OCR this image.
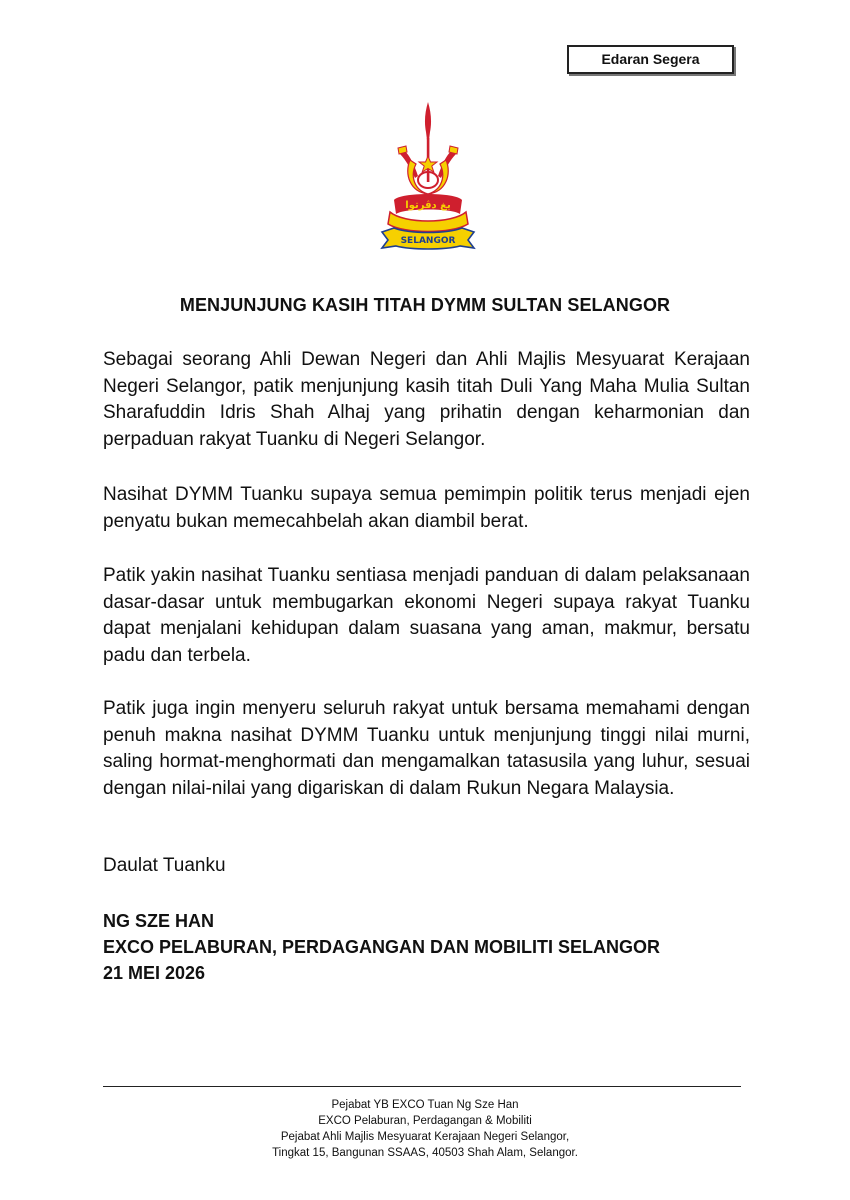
Edaran Segera
يغ دڤرتوا
SELANGOR
MENJUNJUNG KASIH TITAH DYMM SULTAN SELANGOR

Sebagai seorang Ahli Dewan Negeri dan Ahli Majlis Mesyuarat Kerajaan Negeri Selangor, patik menjunjung kasih titah Duli Yang Maha Mulia Sultan Sharafuddin Idris Shah Alhaj yang prihatin dengan keharmonian dan perpaduan rakyat Tuanku di Negeri Selangor.

Nasihat DYMM Tuanku supaya semua pemimpin politik terus menjadi ejen penyatu bukan memecahbelah akan diambil berat.

Patik yakin nasihat Tuanku sentiasa menjadi panduan di dalam pelaksanaan dasar-dasar untuk membugarkan ekonomi Negeri supaya rakyat Tuanku dapat menjalani kehidupan dalam suasana yang aman, makmur, bersatu padu dan terbela.

Patik juga ingin menyeru seluruh rakyat untuk bersama memahami dengan penuh makna nasihat DYMM Tuanku untuk menjunjung tinggi nilai murni, saling hormat-menghormati dan mengamalkan tatasusila yang luhur, sesuai dengan nilai-nilai yang digariskan di dalam Rukun Negara Malaysia.

Daulat Tuanku
NG SZE HAN
EXCO PELABURAN, PERDAGANGAN DAN MOBILITI SELANGOR
21 MEI 2026
Pejabat YB EXCO Tuan Ng Sze Han
EXCO Pelaburan, Perdagangan & Mobiliti
Pejabat Ahli Majlis Mesyuarat Kerajaan Negeri Selangor,
Tingkat 15, Bangunan SSAAS, 40503 Shah Alam, Selangor.
